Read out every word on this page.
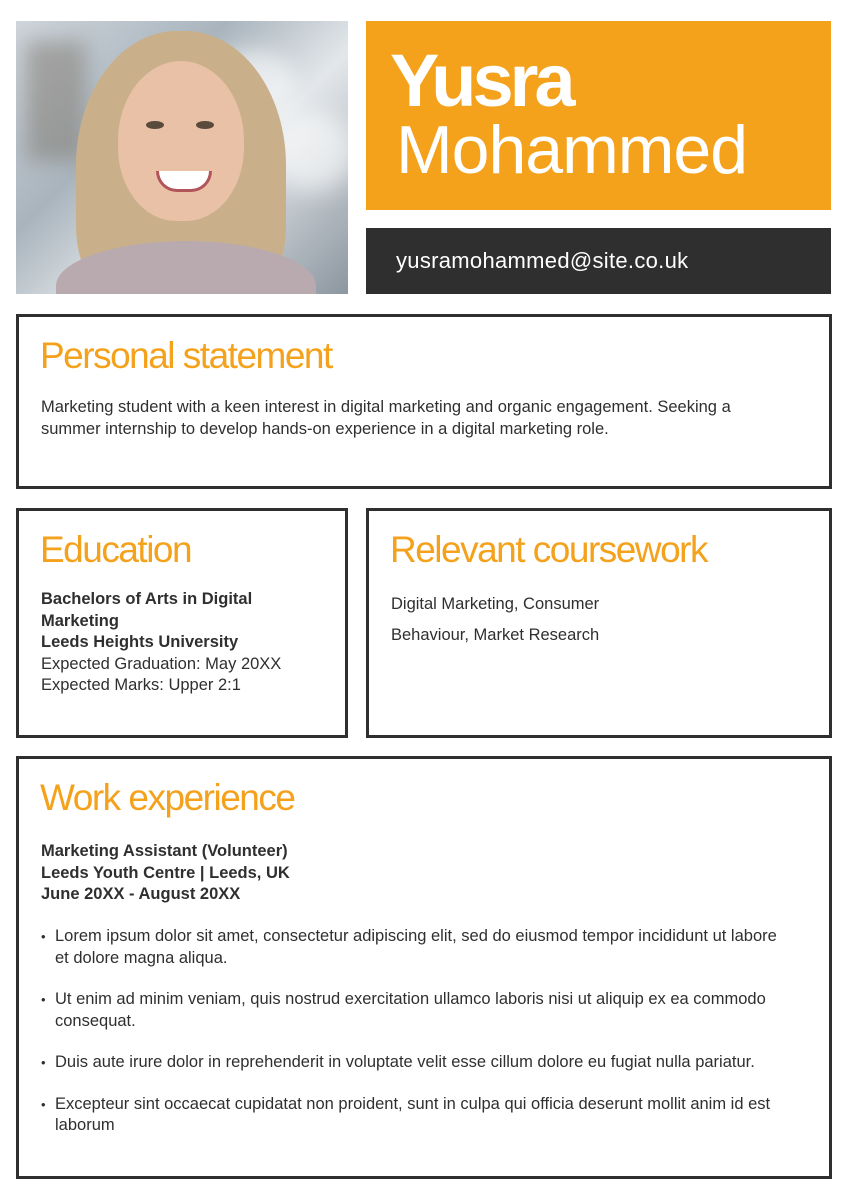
Yusra
Mohammed
yusramohammed@site.co.uk
Personal statement
Marketing student with a keen interest in digital marketing and organic engagement. Seeking a summer internship to develop hands-on experience in a digital marketing role.
Education
Bachelors of Arts in Digital Marketing
Leeds Heights University
Expected Graduation: May 20XX
Expected Marks: Upper 2:1
Relevant coursework
Digital Marketing, Consumer
Behaviour, Market Research
Work experience
Marketing Assistant (Volunteer)
Leeds Youth Centre | Leeds, UK
June 20XX - August 20XX
• Lorem ipsum dolor sit amet, consectetur adipiscing elit, sed do eiusmod tempor incididunt ut labore et dolore magna aliqua.
• Ut enim ad minim veniam, quis nostrud exercitation ullamco laboris nisi ut aliquip ex ea commodo consequat.
• Duis aute irure dolor in reprehenderit in voluptate velit esse cillum dolore eu fugiat nulla pariatur.
• Excepteur sint occaecat cupidatat non proident, sunt in culpa qui officia deserunt mollit anim id est laborum
